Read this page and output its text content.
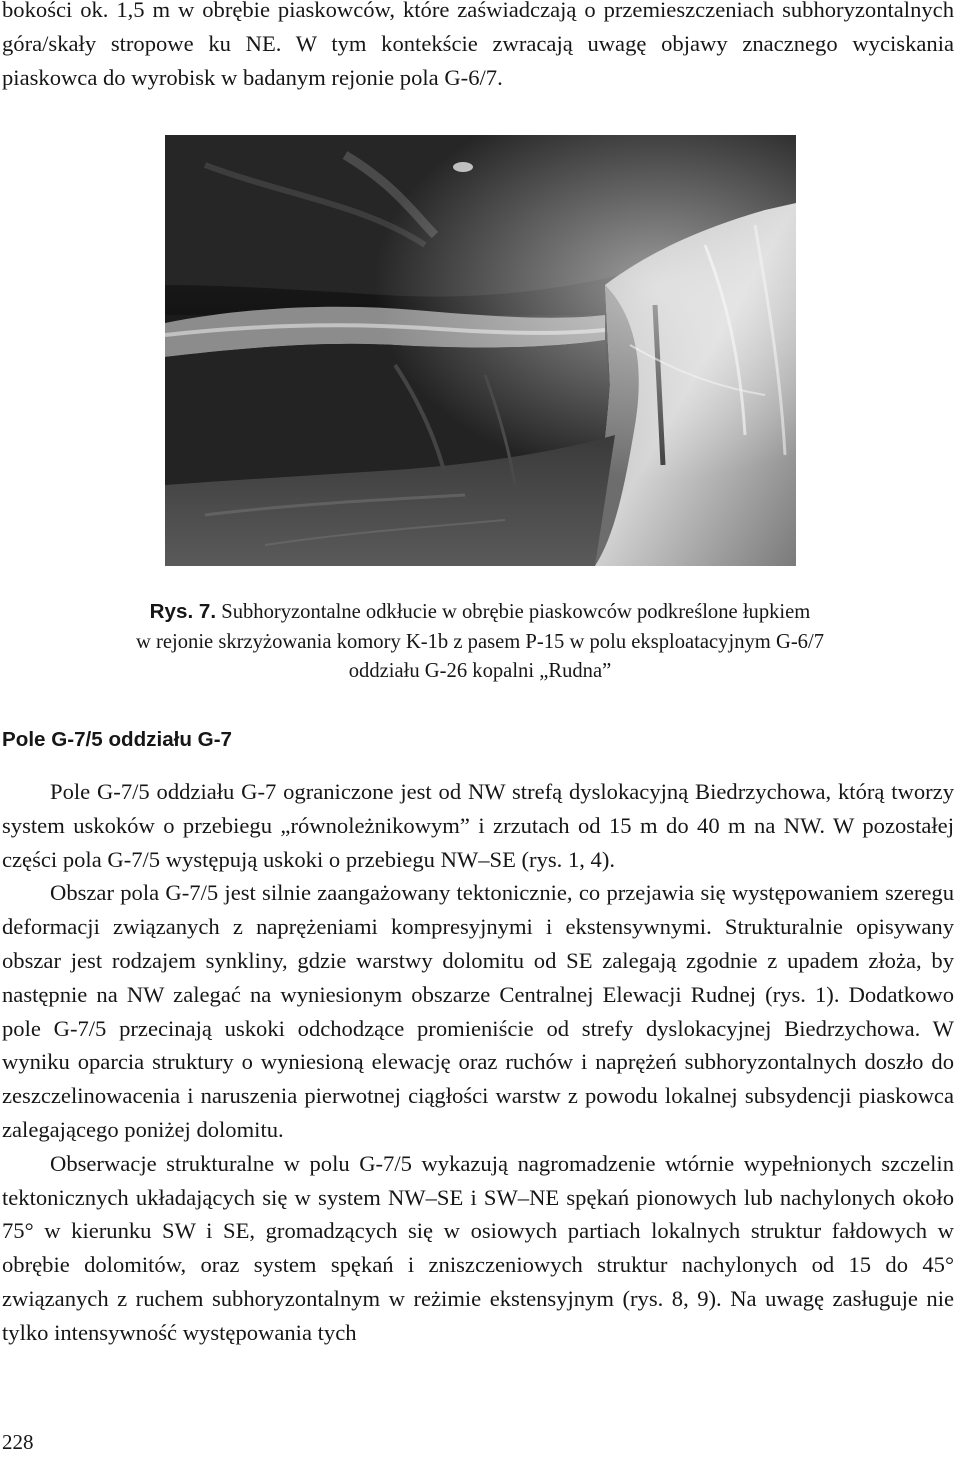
bokości ok. 1,5 m w obrębie piaskowców, które zaświadczają o przemieszczeniach subhoryzontalnych góra/skały stropowe ku NE. W tym kontekście zwracają uwagę objawy znacznego wyciskania piaskowca do wyrobisk w badanym rejonie pola G-6/7.

Rys. 7. Subhoryzontalne odkłucie w obrębie piaskowców podkreślone łupkiem
w rejonie skrzyżowania komory K-1b z pasem P-15 w polu eksploatacyjnym G-6/7
oddziału G-26 kopalni „Rudna”
Pole G-7/5 oddziału G-7

Pole G-7/5 oddziału G-7 ograniczone jest od NW strefą dyslokacyjną Biedrzychowa, którą tworzy system uskoków o przebiegu „równoleżnikowym” i zrzutach od 15 m do 40 m na NW. W pozostałej części pola G-7/5 występują uskoki o przebiegu NW–SE (rys. 1, 4).

Obszar pola G-7/5 jest silnie zaangażowany tektonicznie, co przejawia się występowaniem szeregu deformacji związanych z naprężeniami kompresyjnymi i ekstensywnymi. Strukturalnie opisywany obszar jest rodzajem synkliny, gdzie warstwy dolomitu od SE zalegają zgodnie z upadem złoża, by następnie na NW zalegać na wyniesionym obszarze Centralnej Elewacji Rudnej (rys. 1). Dodatkowo pole G-7/5 przecinają uskoki odchodzące promieniście od strefy dyslokacyjnej Biedrzychowa. W wyniku oparcia struktury o wyniesioną elewację oraz ruchów i naprężeń subhoryzontalnych doszło do zeszczelinowacenia i naruszenia pierwotnej ciągłości warstw z powodu lokalnej subsydencji piaskowca zalegającego poniżej dolomitu.

Obserwacje strukturalne w polu G-7/5 wykazują nagromadzenie wtórnie wypełnionych szczelin tektonicznych układających się w system NW–SE i SW–NE spękań pionowych lub nachylonych około 75° w kierunku SW i SE, gromadzących się w osiowych partiach lokalnych struktur fałdowych w obrębie dolomitów, oraz system spękań i zniszczeniowych struktur nachylonych od 15 do 45° związanych z ruchem subhoryzontalnym w reżimie ekstensyjnym (rys. 8, 9). Na uwagę zasługuje nie tylko intensywność występowania tych

228
